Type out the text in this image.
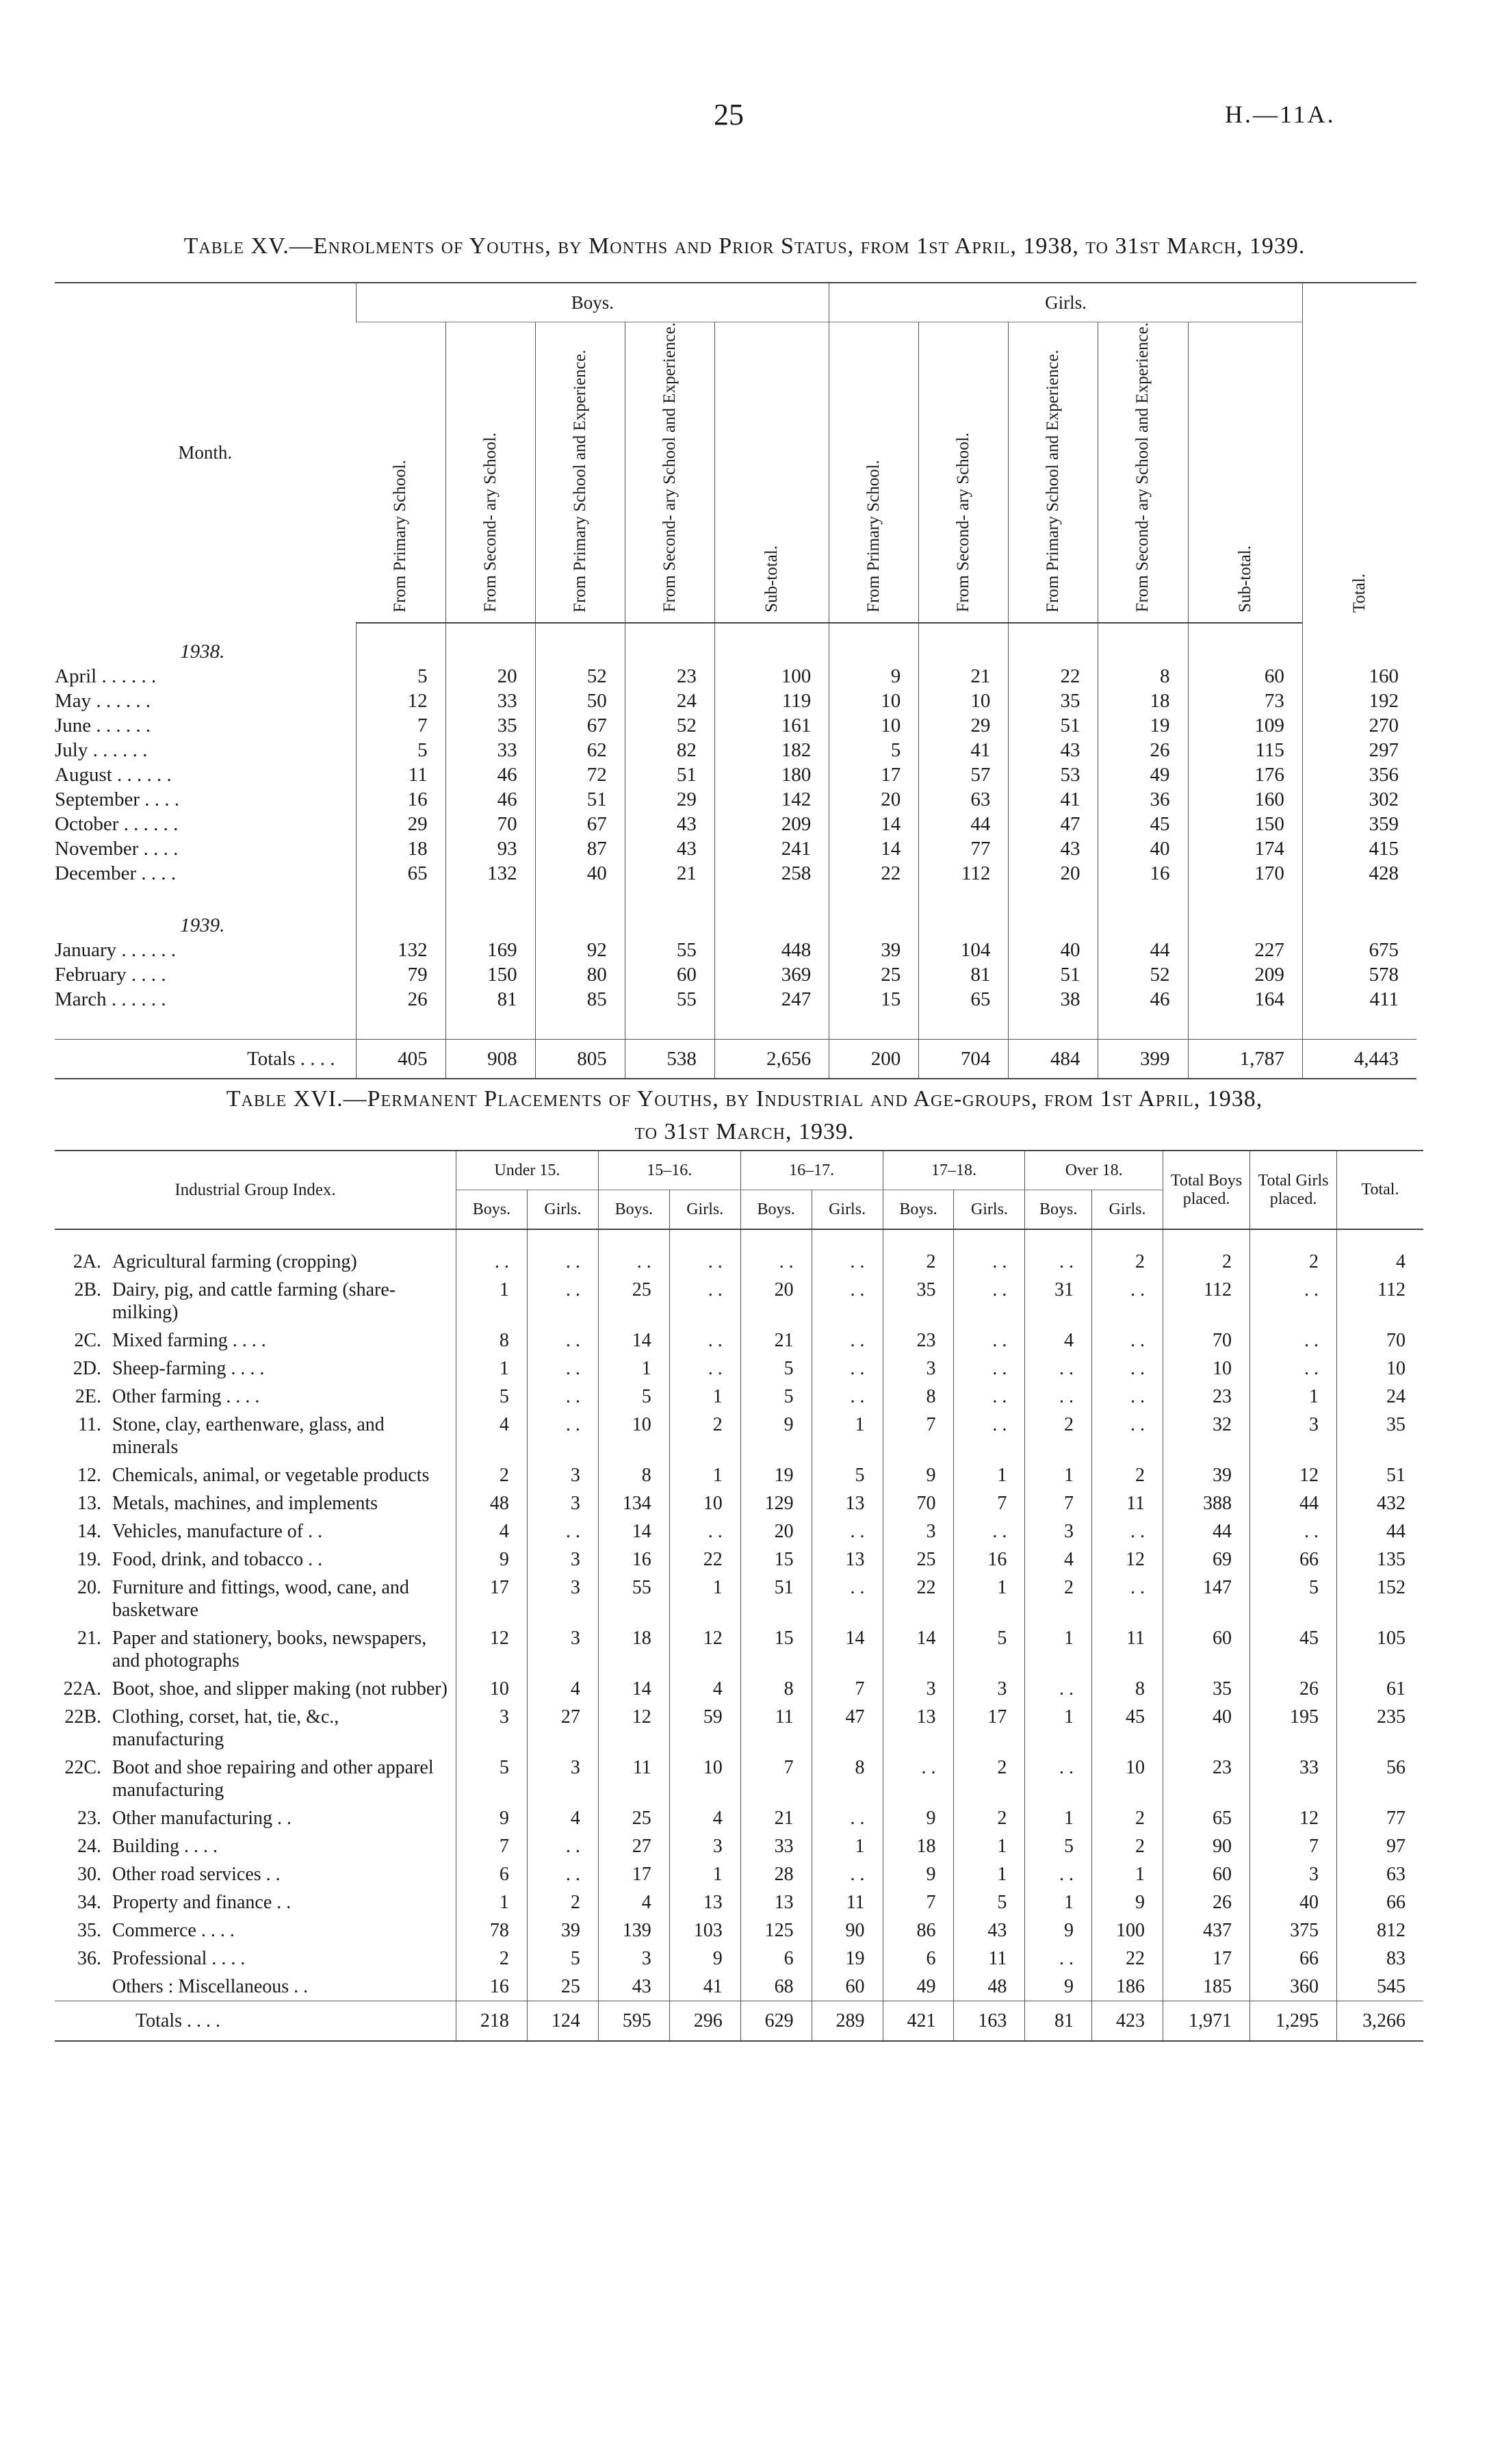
25	H.—11A.
Table XV.—Enrolments of Youths, by Months and Prior Status, from 1st April, 1938, to 31st March, 1939.
Month.	Boys.					Girls.					Total.

	From Primary School.	From Second- ary School.	From Primary School and Experience.	From Second- ary School and Experience.	Sub-total.	From Primary School.	From Second- ary School.	From Primary School and Experience.	From Second- ary School and Experience.	Sub-total.	

1938.											
April . . . . . .	5	20	52	23	100	9	21	22	8	60	160
May . . . . . .	12	33	50	24	119	10	10	35	18	73	192
June . . . . . .	7	35	67	52	161	10	29	51	19	109	270
July . . . . . .	5	33	62	82	182	5	41	43	26	115	297
August . . . . . .	11	46	72	51	180	17	57	53	49	176	356
September . . . .	16	46	51	29	142	20	63	41	36	160	302
October . . . . . .	29	70	67	43	209	14	44	47	45	150	359
November . . . .	18	93	87	43	241	14	77	43	40	174	415
December . . . .	65	132	40	21	258	22	112	20	16	170	428
1939.											
January . . . . . .	132	169	92	55	448	39	104	40	44	227	675
February . . . .	79	150	80	60	369	25	81	51	52	209	578
March . . . . . .	26	81	85	55	247	15	65	38	46	164	411

Totals . . . .	405	908	805	538	2,656	200	704	484	399	1,787	4,443
Table XVI.—Permanent Placements of Youths, by Industrial and Age-groups, from 1st April, 1938,
to 31st March, 1939.
Industrial Group Index.		Under 15.		15–16.		16–17.		17–18.		Over 18.		Total Boys placed.	Total Girls placed.	Total.
		Boys.	Girls.	Boys.	Girls.	Boys.	Girls.	Boys.	Girls.	Boys.	Girls.			
2A.	Agricultural farming (cropping)	. .	. .	. .	. .	. .	. .	2	. .	. .	2	2	2	4
2B.	Dairy, pig, and cattle farming (share-milking)	1	. .	25	. .	20	. .	35	. .	31	. .	112	. .	112
2C.	Mixed farming . . . .	8	. .	14	. .	21	. .	23	. .	4	. .	70	. .	70
2D.	Sheep-farming . . . .	1	. .	1	. .	5	. .	3	. .	. .	. .	10	. .	10
2E.	Other farming . . . .	5	. .	5	1	5	. .	8	. .	. .	. .	23	1	24
11.	Stone, clay, earthenware, glass, and minerals	4	. .	10	2	9	1	7	. .	2	. .	32	3	35
12.	Chemicals, animal, or vegetable products	2	3	8	1	19	5	9	1	1	2	39	12	51
13.	Metals, machines, and implements	48	3	134	10	129	13	70	7	7	11	388	44	432
14.	Vehicles, manufacture of . .	4	. .	14	. .	20	. .	3	. .	3	. .	44	. .	44
19.	Food, drink, and tobacco . .	9	3	16	22	15	13	25	16	4	12	69	66	135
20.	Furniture and fittings, wood, cane, and basketware	17	3	55	1	51	. .	22	1	2	. .	147	5	152
21.	Paper and stationery, books, newspapers, and photographs	12	3	18	12	15	14	14	5	1	11	60	45	105
22A.	Boot, shoe, and slipper making (not rubber)	10	4	14	4	8	7	3	3	. .	8	35	26	61
22B.	Clothing, corset, hat, tie, &c., manufacturing	3	27	12	59	11	47	13	17	1	45	40	195	235
22C.	Boot and shoe repairing and other apparel manufacturing	5	3	11	10	7	8	. .	2	. .	10	23	33	56
23.	Other manufacturing . .	9	4	25	4	21	. .	9	2	1	2	65	12	77
24.	Building . . . .	7	. .	27	3	33	1	18	1	5	2	90	7	97
30.	Other road services . .	6	. .	17	1	28	. .	9	1	. .	1	60	3	63
34.	Property and finance . .	1	2	4	13	13	11	7	5	1	9	26	40	66
35.	Commerce . . . .	78	39	139	103	125	90	86	43	9	100	437	375	812
36.	Professional . . . .	2	5	3	9	6	19	6	11	. .	22	17	66	83
	Others : Miscellaneous . .	16	25	43	41	68	60	49	48	9	186	185	360	545
	Totals . . . .	218	124	595	296	629	289	421	163	81	423	1,971	1,295	3,266
